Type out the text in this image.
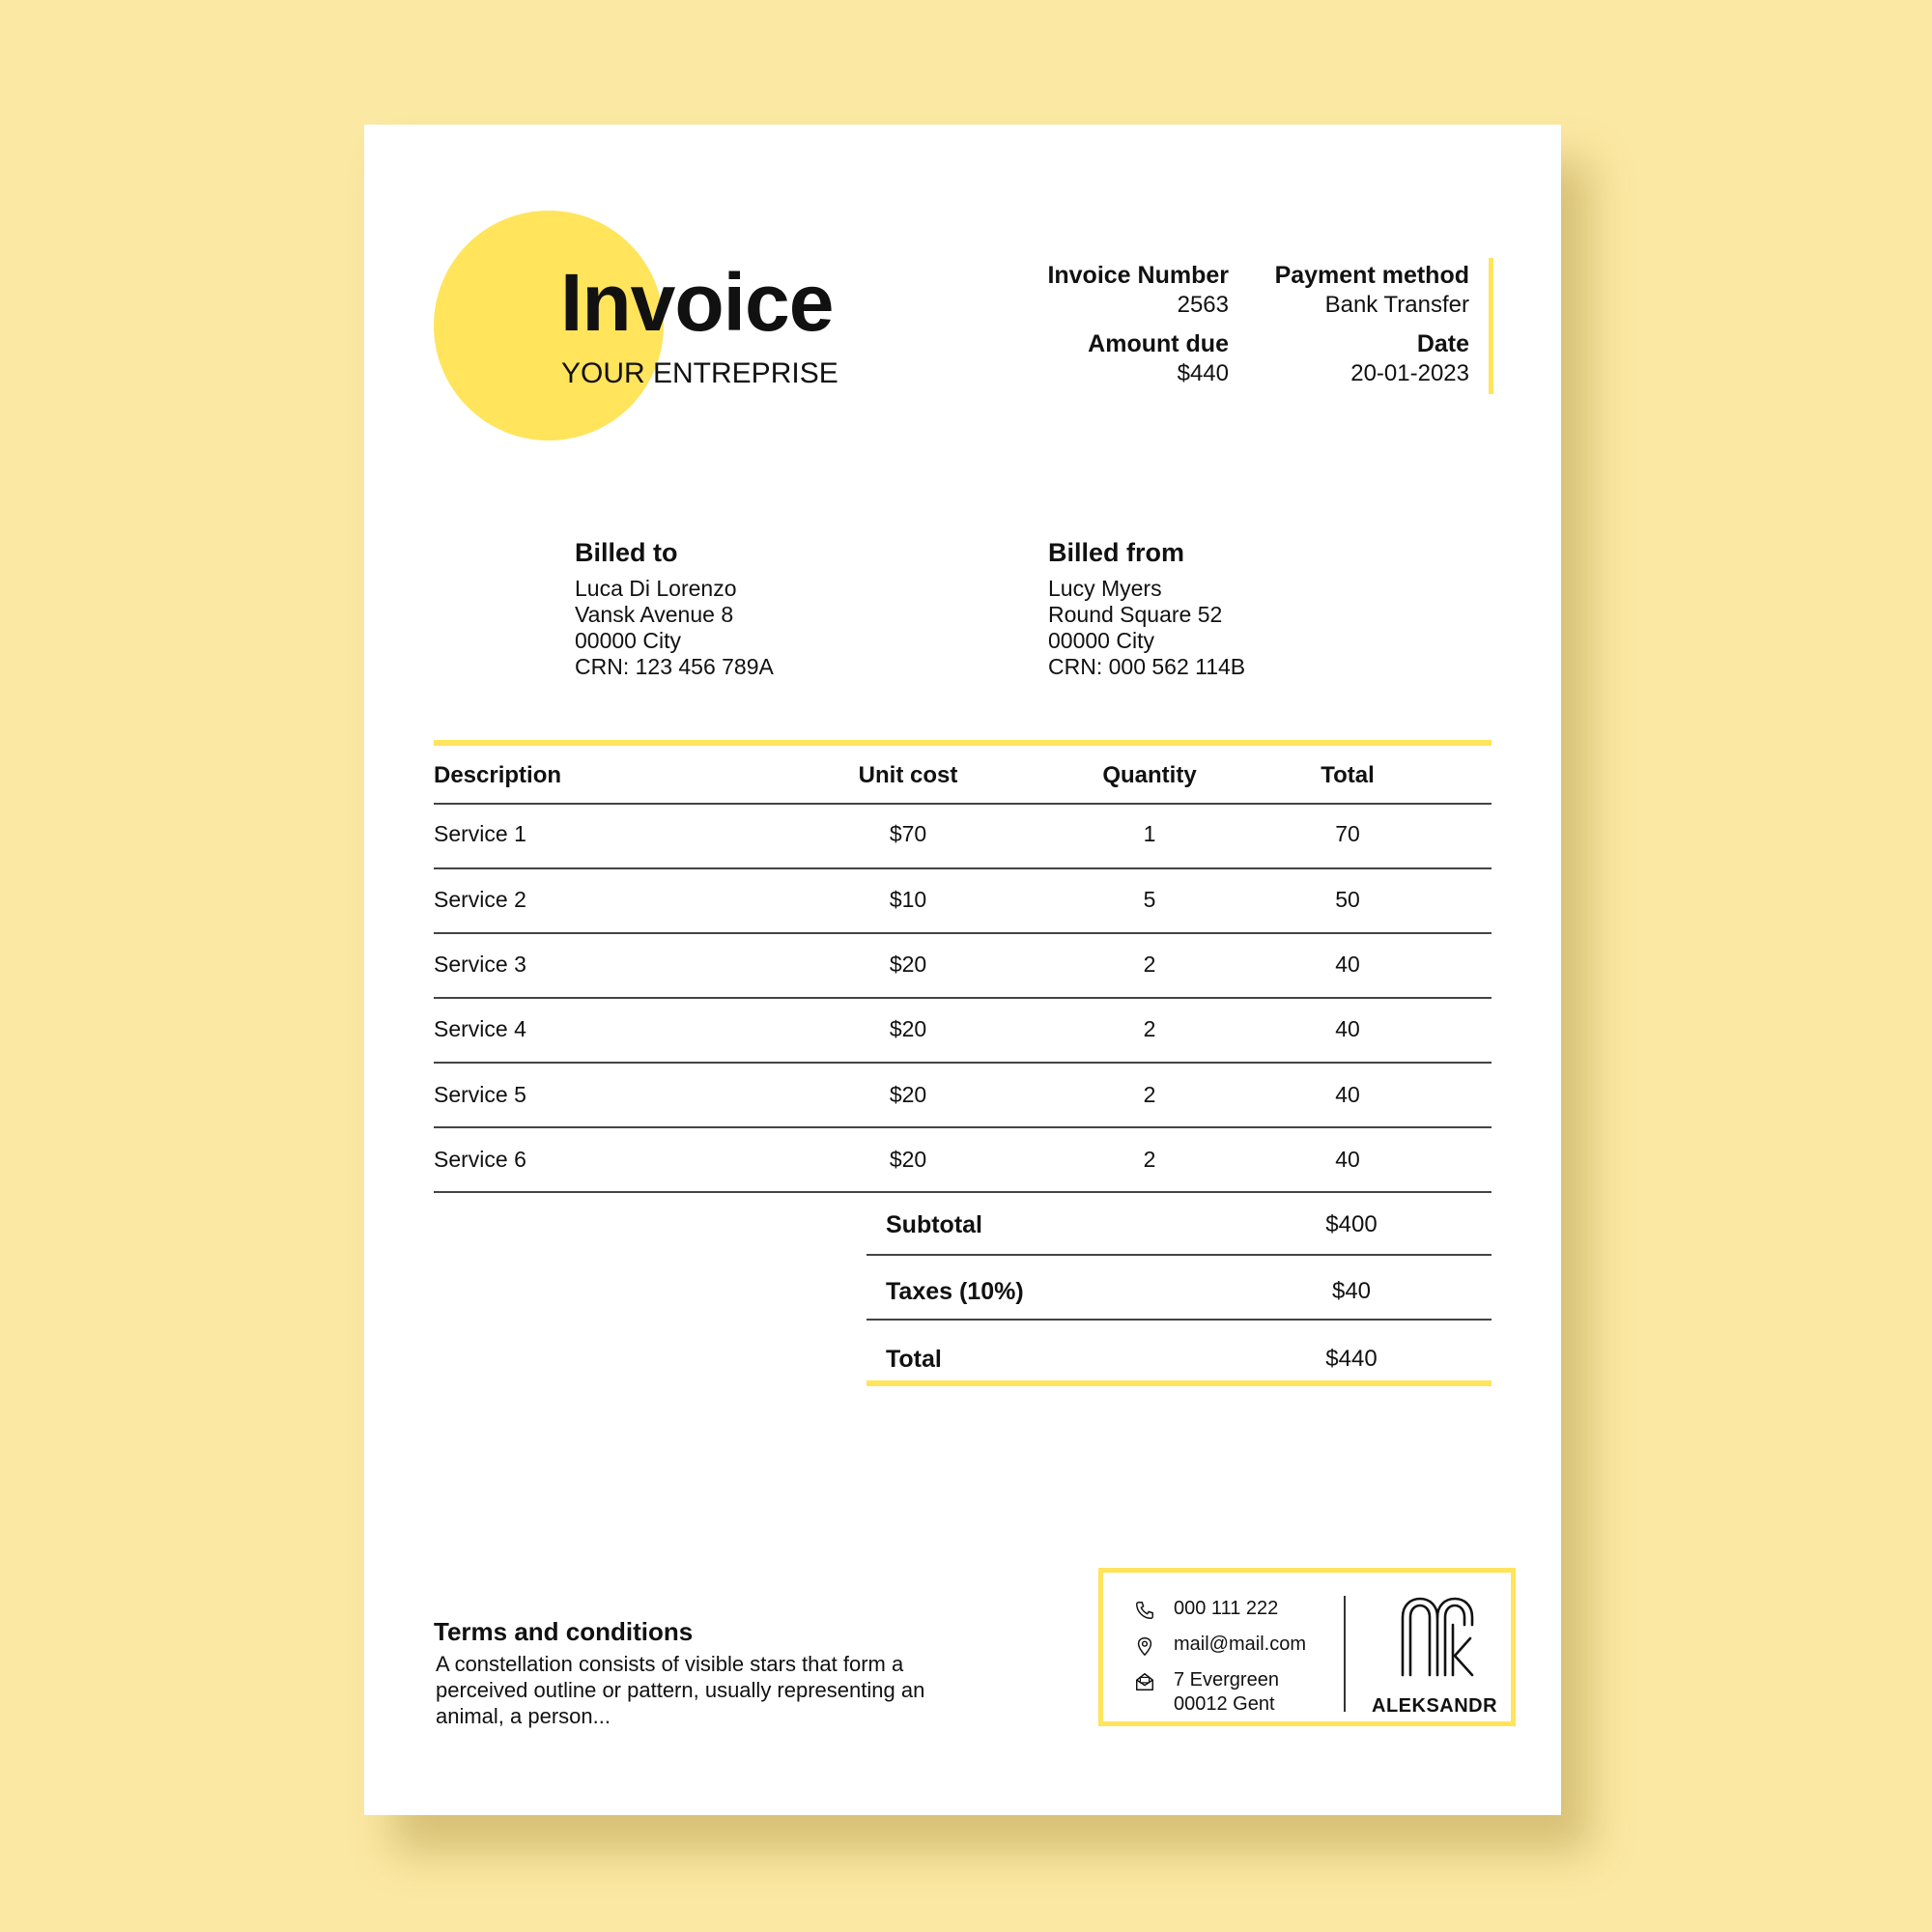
Invoice
YOUR ENTREPRISE
Invoice Number
2563
Payment method
Bank Transfer
Amount due
$440
Date
20-01-2023
Billed to
Luca Di Lorenzo
Vansk Avenue 8
00000 City
CRN: 123 456 789A
Billed from
Lucy Myers
Round Square 52
00000 City
CRN: 000 562 114B
Description	Unit cost	Quantity	Total
Service 1	$70	1	70
Service 2	$10	5	50
Service 3	$20	2	40
Service 4	$20	2	40
Service 5	$20	2	40
Service 6	$20	2	40
Subtotal	$400
Taxes (10%)	$40
Total	$440
Terms and conditions
A constellation consists of visible stars that form a perceived outline or pattern, usually representing an animal, a person...
000 111 222
mail@mail.com
7 Evergreen
00012 Gent	ALEKSANDR
